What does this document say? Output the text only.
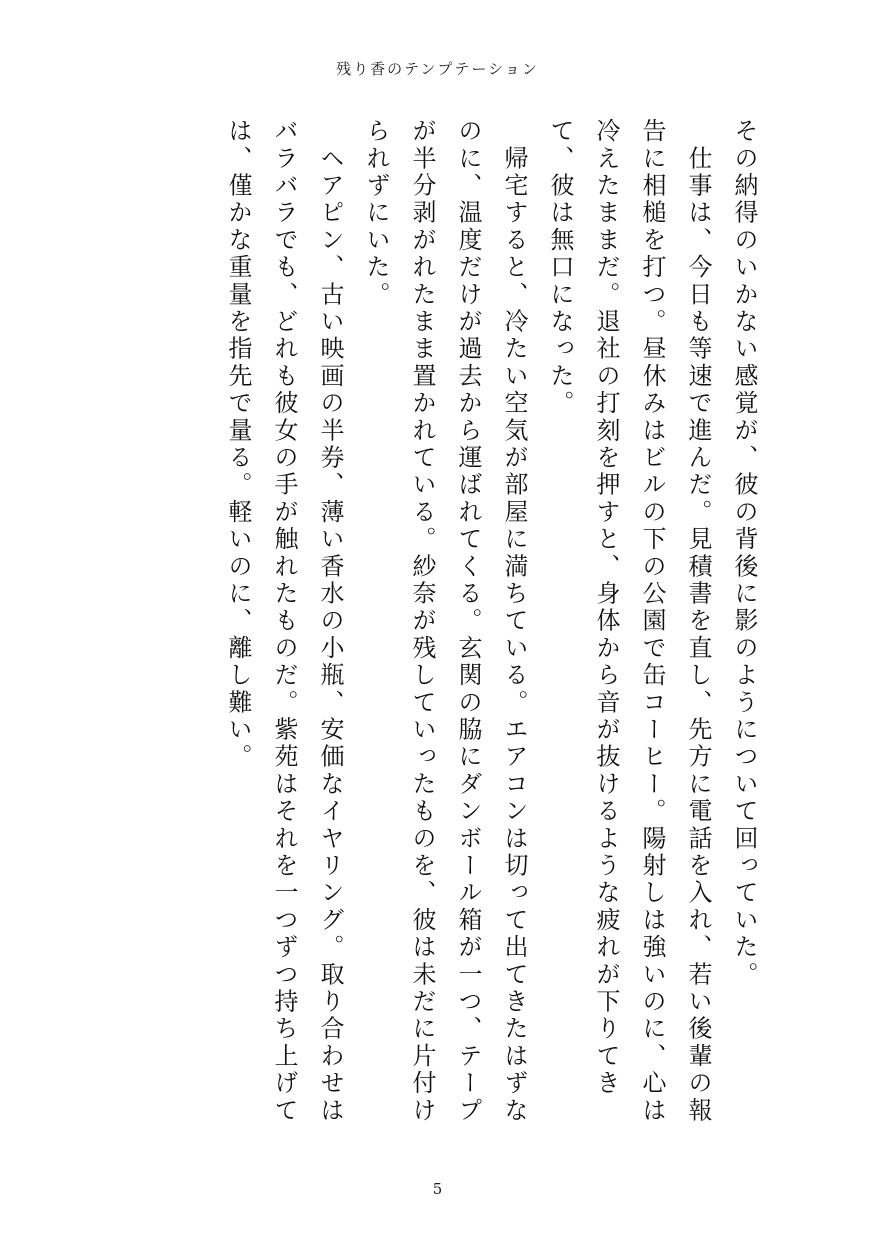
残り香のテンプテーション

その納得のいかない感覚が、彼の背後に影のようについて回っていた。

　仕事は、今日も等速で進んだ。見積書を直し、先方に電話を入れ、若い後輩の報告に相槌を打つ。昼休みはビルの下の公園で缶コーヒー。陽射しは強いのに、心は冷えたままだ。退社の打刻を押すと、身体から音が抜けるような疲れが下りてきて、彼は無口になった。

　帰宅すると、冷たい空気が部屋に満ちている。エアコンは切って出てきたはずなのに、温度だけが過去から運ばれてくる。玄関の脇にダンボール箱が一つ、テープが半分剥がれたまま置かれている。紗奈が残していったものを、彼は未だに片付けられずにいた。

　ヘアピン、古い映画の半券、薄い香水の小瓶、安価なイヤリング。取り合わせはバラバラでも、どれも彼女の手が触れたものだ。紫苑はそれを一つずつ持ち上げては、僅かな重量を指先で量る。軽いのに、離し難い。

5
